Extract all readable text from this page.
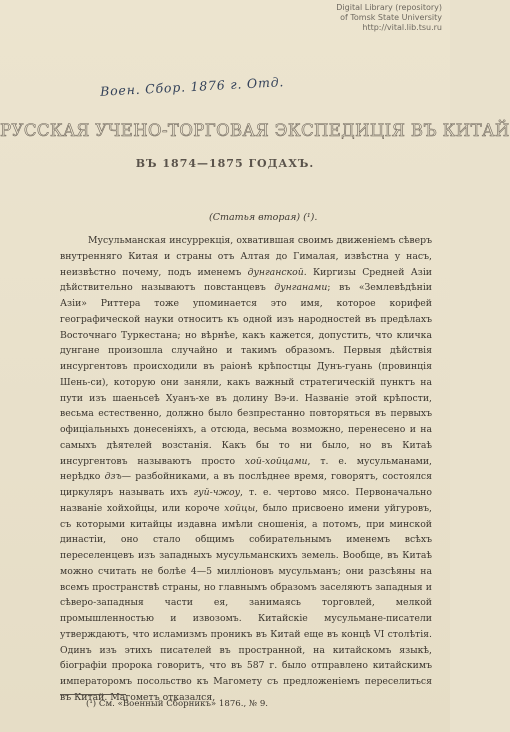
Digital Library (repository)
of Tomsk State University
http://vital.lib.tsu.ru
Воен. Сбор. 1876 г. Отд.
РУССКАЯ УЧЕНО-ТОРГОВАЯ ЭКСПЕДИЦІЯ ВЪ КИТАЙ
ВЪ 1874—1875 ГОДАХЪ.
(Статья вторая) (¹).
Мусульманская инсуррекція, охватившая своимъ движеніемъ сѣверъ внутренняго Китая и страны отъ Алтая до Гималая, извѣстна у насъ, неизвѣстно почему, подъ именемъ дунганской. Киргизы Средней Азіи дѣйствительно называютъ повстанцевъ дунганами; въ «Землевѣдѣніи Азіи» Риттера тоже упоминается это имя, которое корифей географической науки относитъ къ одной изъ народностей въ предѣлахъ Восточнаго Туркестана; но вѣрнѣе, какъ кажется, допустить, что кличка дунгане произошла случайно и такимъ образомъ. Первыя дѣйствія инсургентовъ происходили въ раіонѣ крѣпостцы Дунъ-гуань (провинція Шень-си), которую они заняли, какъ важный стратегическій пунктъ на пути изъ шаеньсеѣ Хуанъ-хе въ долину Вэ-и. Названіе этой крѣпости, весьма естественно, должно было безпрестанно повторяться въ первыхъ офиціальныхъ донесеніяхъ, а отсюда, весьма возможно, перенесено и на самыхъ дѣятелей возстанія. Какъ бы то ни было, но въ Китаѣ инсургентовъ называютъ просто хой-хойцами, т. е. мусульманами, нерѣдко дзъ— разбойниками, а въ послѣднее время, говорятъ, состоялся циркуляръ называть ихъ гуй-чжоу, т. е. чертово мясо. Первоначально названіе хойхойцы, или короче хойцы, было присвоено имени уйгуровъ, съ которыми китайцы издавна имѣли сношенія, а потомъ, при минской династіи, оно стало общимъ собирательнымъ именемъ всѣхъ переселенцевъ изъ западныхъ мусульманскихъ земель. Вообще, въ Китаѣ можно считать не болѣе 4—5 милліоновъ мусульманъ; они разсѣяны на всемъ пространствѣ страны, но главнымъ образомъ заселяютъ западныя и сѣверо-западныя части ея, занимаясь торговлей, мелкой промышленностью и извозомъ. Китайскіе мусульмане-писатели утверждаютъ, что исламизмъ проникъ въ Китай еще въ концѣ VI столѣтія. Одинъ изъ этихъ писателей въ пространной, на китайскомъ языкѣ, біографіи пророка говоритъ, что въ 587 г. было отправлено китайскимъ императоромъ посольство къ Магомету съ предложеніемъ переселиться въ Китай. Магометъ отказался,
(¹) См. «Военный Сборникъ» 1876., № 9.
